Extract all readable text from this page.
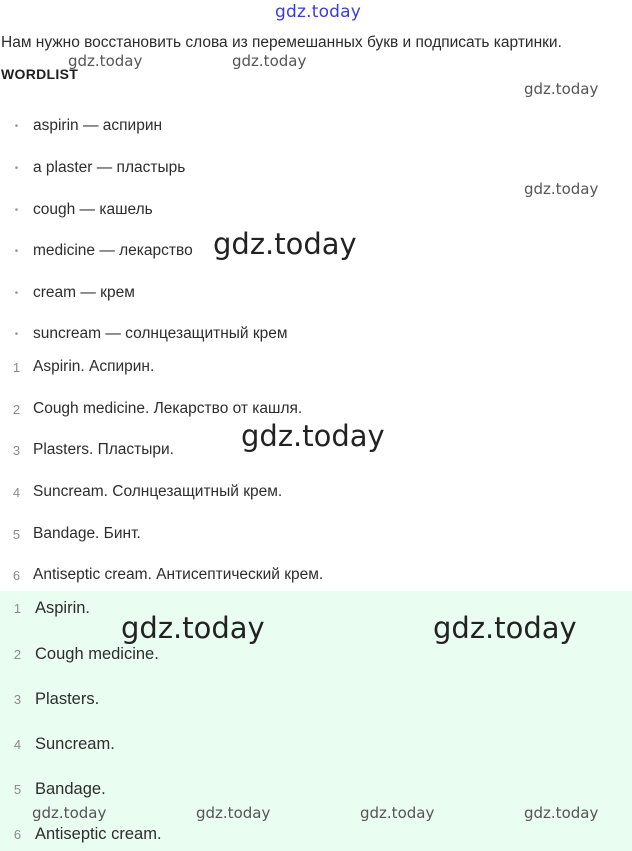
gdz.today
Нам нужно восстановить слова из перемешанных букв и подписать картинки.
WORDLIST
gdz.today	gdz.today
gdz.today
gdz.today
• aspirin — аспирин
• a plaster — пластырь
• cough — кашель
• medicine — лекарство
• cream — крем
• suncream — солнцезащитный крем
gdz.today
1 Aspirin. Аспирин.
2 Cough medicine. Лекарство от кашля.
3 Plasters. Пластыри.
4 Suncream. Солнцезащитный крем.
5 Bandage. Бинт.
6 Antiseptic cream. Антисептический крем.
gdz.today
1 Aspirin.
2 Cough medicine.
3 Plasters.
4 Suncream.
5 Bandage.
6 Antiseptic cream.
gdz.today	gdz.today
gdz.today	gdz.today	gdz.today	gdz.today
